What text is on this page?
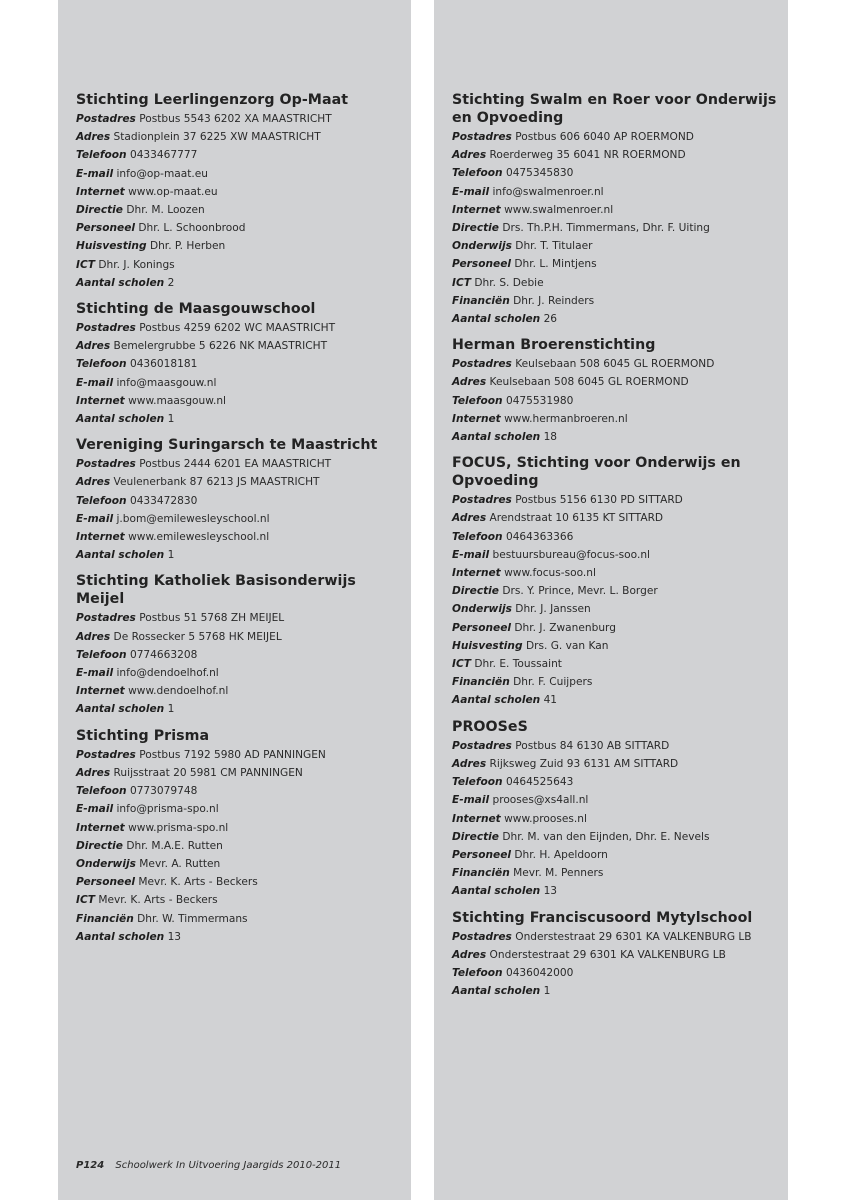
Stichting Leerlingenzorg Op-Maat
Postadres Postbus 5543 6202 XA MAASTRICHT
Adres Stadionplein 37 6225 XW MAASTRICHT
Telefoon 0433467777
E-mail info@op-maat.eu
Internet www.op-maat.eu
Directie Dhr. M. Loozen
Personeel Dhr. L. Schoonbrood
Huisvesting Dhr. P. Herben
ICT Dhr. J. Konings
Aantal scholen 2
Stichting de Maasgouwschool
Postadres Postbus 4259 6202 WC MAASTRICHT
Adres Bemelergrubbe 5 6226 NK MAASTRICHT
Telefoon 0436018181
E-mail info@maasgouw.nl
Internet www.maasgouw.nl
Aantal scholen 1
Vereniging Suringarsch te Maastricht
Postadres Postbus 2444 6201 EA MAASTRICHT
Adres Veulenerbank 87 6213 JS MAASTRICHT
Telefoon 0433472830
E-mail j.bom@emilewesleyschool.nl
Internet www.emilewesleyschool.nl
Aantal scholen 1
Stichting Katholiek Basisonderwijs Meijel
Postadres Postbus 51 5768 ZH MEIJEL
Adres De Rossecker 5 5768 HK MEIJEL
Telefoon 0774663208
E-mail info@dendoelhof.nl
Internet www.dendoelhof.nl
Aantal scholen 1
Stichting Prisma
Postadres Postbus 7192 5980 AD PANNINGEN
Adres Ruijsstraat 20 5981 CM PANNINGEN
Telefoon 0773079748
E-mail info@prisma-spo.nl
Internet www.prisma-spo.nl
Directie Dhr. M.A.E. Rutten
Onderwijs Mevr. A. Rutten
Personeel Mevr. K. Arts - Beckers
ICT Mevr. K. Arts - Beckers
Financiën Dhr. W. Timmermans
Aantal scholen 13
Stichting Swalm en Roer voor Onderwijs en Opvoeding
Postadres Postbus 606 6040 AP ROERMOND
Adres Roerderweg 35 6041 NR ROERMOND
Telefoon 0475345830
E-mail info@swalmenroer.nl
Internet www.swalmenroer.nl
Directie Drs. Th.P.H. Timmermans, Dhr. F. Uiting
Onderwijs Dhr. T. Titulaer
Personeel Dhr. L. Mintjens
ICT Dhr. S. Debie
Financiën Dhr. J. Reinders
Aantal scholen 26
Herman Broerenstichting
Postadres Keulsebaan 508 6045 GL ROERMOND
Adres Keulsebaan 508 6045 GL ROERMOND
Telefoon 0475531980
Internet www.hermanbroeren.nl
Aantal scholen 18
FOCUS, Stichting voor Onderwijs en Opvoeding
Postadres Postbus 5156 6130 PD SITTARD
Adres Arendstraat 10 6135 KT SITTARD
Telefoon 0464363366
E-mail bestuursbureau@focus-soo.nl
Internet www.focus-soo.nl
Directie Drs. Y. Prince, Mevr. L. Borger
Onderwijs Dhr. J. Janssen
Personeel Dhr. J. Zwanenburg
Huisvesting Drs. G. van Kan
ICT Dhr. E. Toussaint
Financiën Dhr. F. Cuijpers
Aantal scholen 41
PROOSeS
Postadres Postbus 84 6130 AB SITTARD
Adres Rijksweg Zuid 93 6131 AM SITTARD
Telefoon 0464525643
E-mail prooses@xs4all.nl
Internet www.prooses.nl
Directie Dhr. M. van den Eijnden, Dhr. E. Nevels
Personeel Dhr. H. Apeldoorn
Financiën Mevr. M. Penners
Aantal scholen 13
Stichting Franciscusoord Mytylschool
Postadres Onderstestraat 29 6301 KA VALKENBURG LB
Adres Onderstestraat 29 6301 KA VALKENBURG LB
Telefoon 0436042000
Aantal scholen 1
P124 Schoolwerk In Uitvoering Jaargids 2010-2011
